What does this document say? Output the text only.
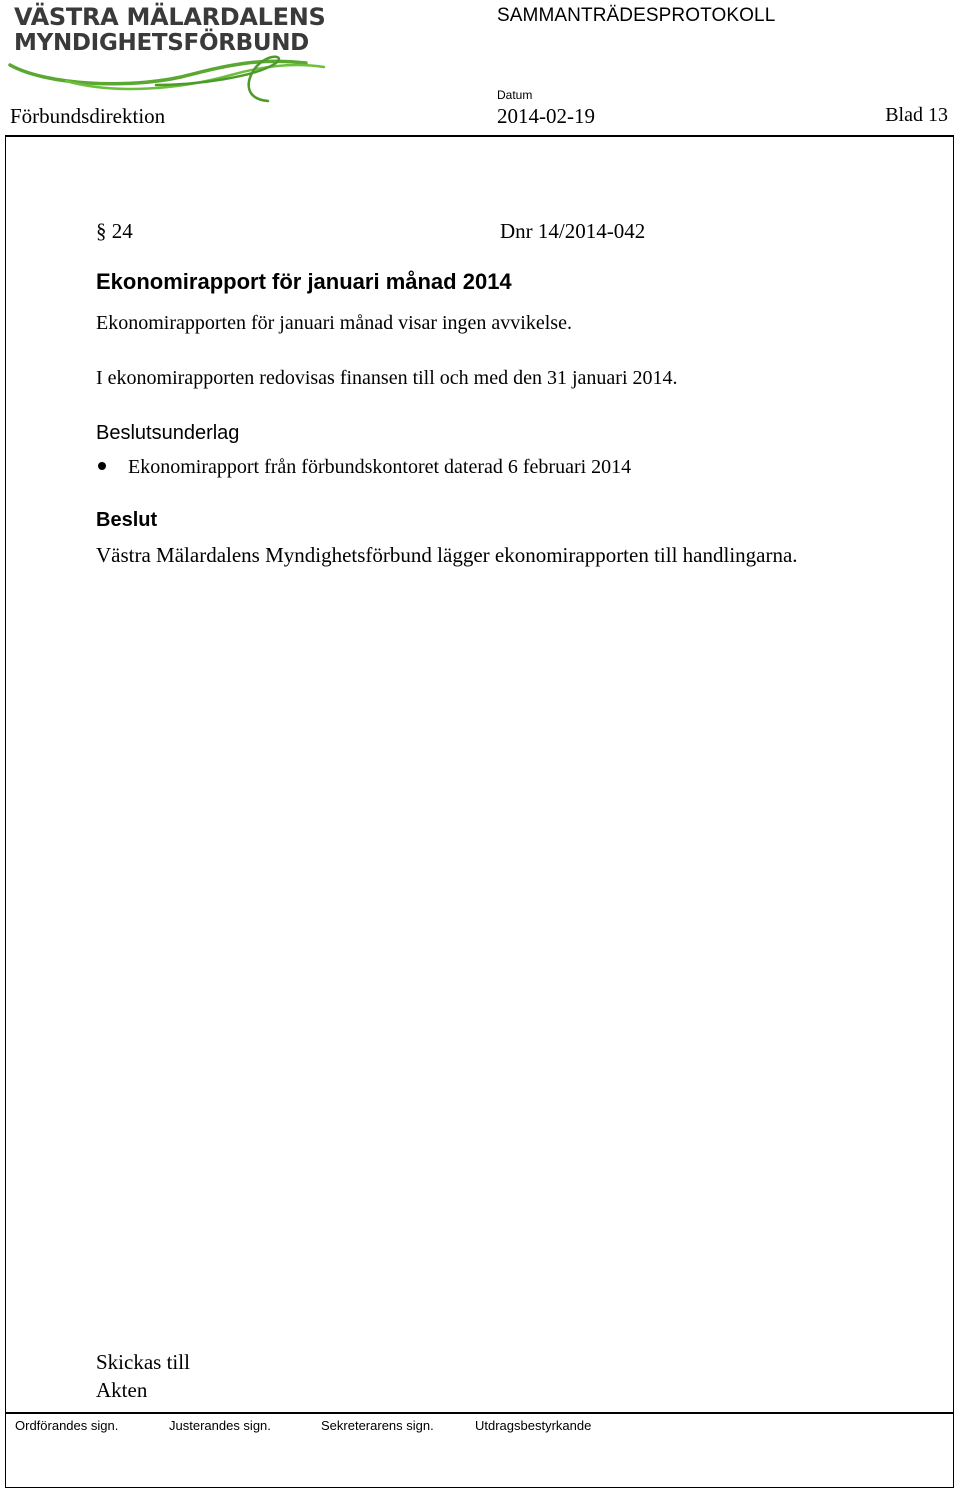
VÄSTRA MÄLARDALENS
MYNDIGHETSFÖRBUND
SAMMANTRÄDESPROTOKOLL
Datum
Förbundsdirektion	2014-02-19	Blad 13
§ 24	Dnr 14/2014-042
Ekonomirapport för januari månad 2014
Ekonomirapporten för januari månad visar ingen avvikelse.
I ekonomirapporten redovisas finansen till och med den 31 januari 2014.
Beslutsunderlag
Ekonomirapport från förbundskontoret daterad 6 februari 2014
Beslut
Västra Mälardalens Myndighetsförbund lägger ekonomirapporten till handlingarna.
Skickas till
Akten
Ordförandes sign.	Justerandes sign.	Sekreterarens sign.	Utdragsbestyrkande
